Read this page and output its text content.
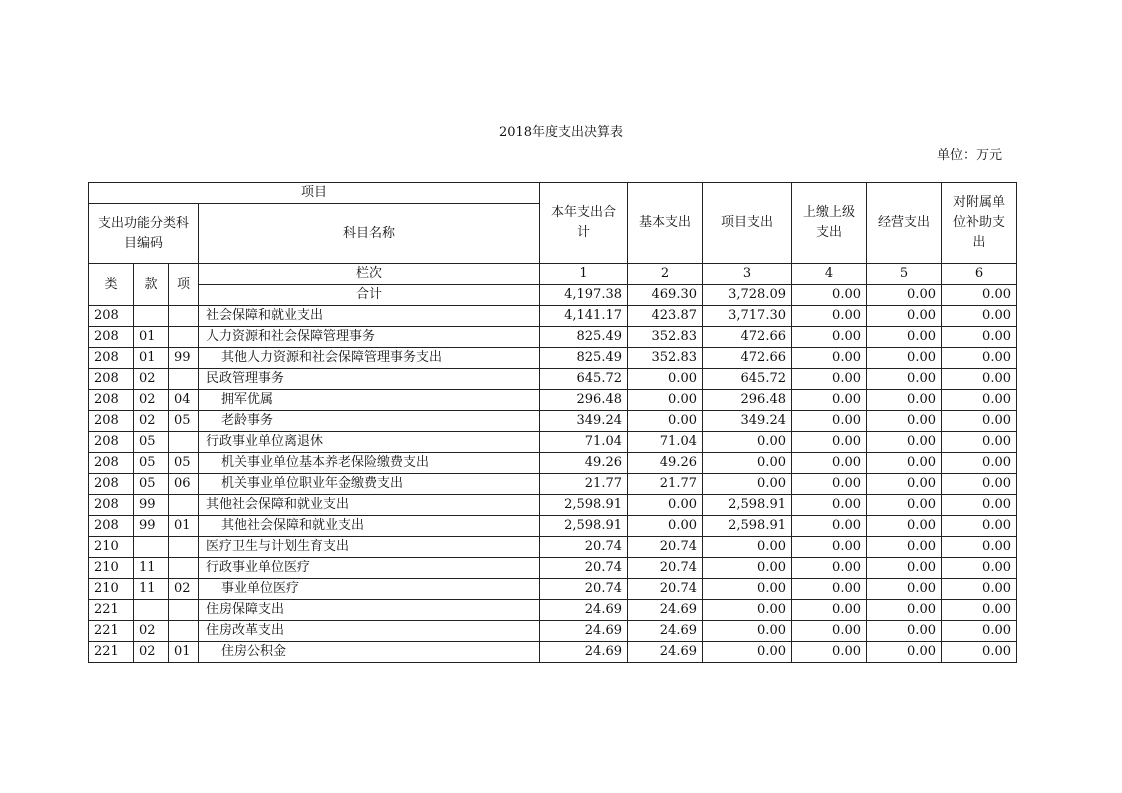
2018年度支出决算表
单位：万元
项目				本年支出合计	基本支出	项目支出	上缴上级支出	经营支出	对附属单位补助支出
支出功能分类科目编码			科目名称						

类	款	项	栏次	1	2	3	4	5	6
			合计	4,197.38	469.30	3,728.09	0.00	0.00	0.00
208			社会保障和就业支出	4,141.17	423.87	3,717.30	0.00	0.00	0.00
208	01		人力资源和社会保障管理事务	825.49	352.83	472.66	0.00	0.00	0.00
208	01	99	其他人力资源和社会保障管理事务支出	825.49	352.83	472.66	0.00	0.00	0.00
208	02		民政管理事务	645.72	0.00	645.72	0.00	0.00	0.00
208	02	04	拥军优属	296.48	0.00	296.48	0.00	0.00	0.00
208	02	05	老龄事务	349.24	0.00	349.24	0.00	0.00	0.00
208	05		行政事业单位离退休	71.04	71.04	0.00	0.00	0.00	0.00
208	05	05	机关事业单位基本养老保险缴费支出	49.26	49.26	0.00	0.00	0.00	0.00
208	05	06	机关事业单位职业年金缴费支出	21.77	21.77	0.00	0.00	0.00	0.00
208	99		其他社会保障和就业支出	2,598.91	0.00	2,598.91	0.00	0.00	0.00
208	99	01	其他社会保障和就业支出	2,598.91	0.00	2,598.91	0.00	0.00	0.00
210			医疗卫生与计划生育支出	20.74	20.74	0.00	0.00	0.00	0.00
210	11		行政事业单位医疗	20.74	20.74	0.00	0.00	0.00	0.00
210	11	02	事业单位医疗	20.74	20.74	0.00	0.00	0.00	0.00
221			住房保障支出	24.69	24.69	0.00	0.00	0.00	0.00
221	02		住房改革支出	24.69	24.69	0.00	0.00	0.00	0.00
221	02	01	住房公积金	24.69	24.69	0.00	0.00	0.00	0.00
